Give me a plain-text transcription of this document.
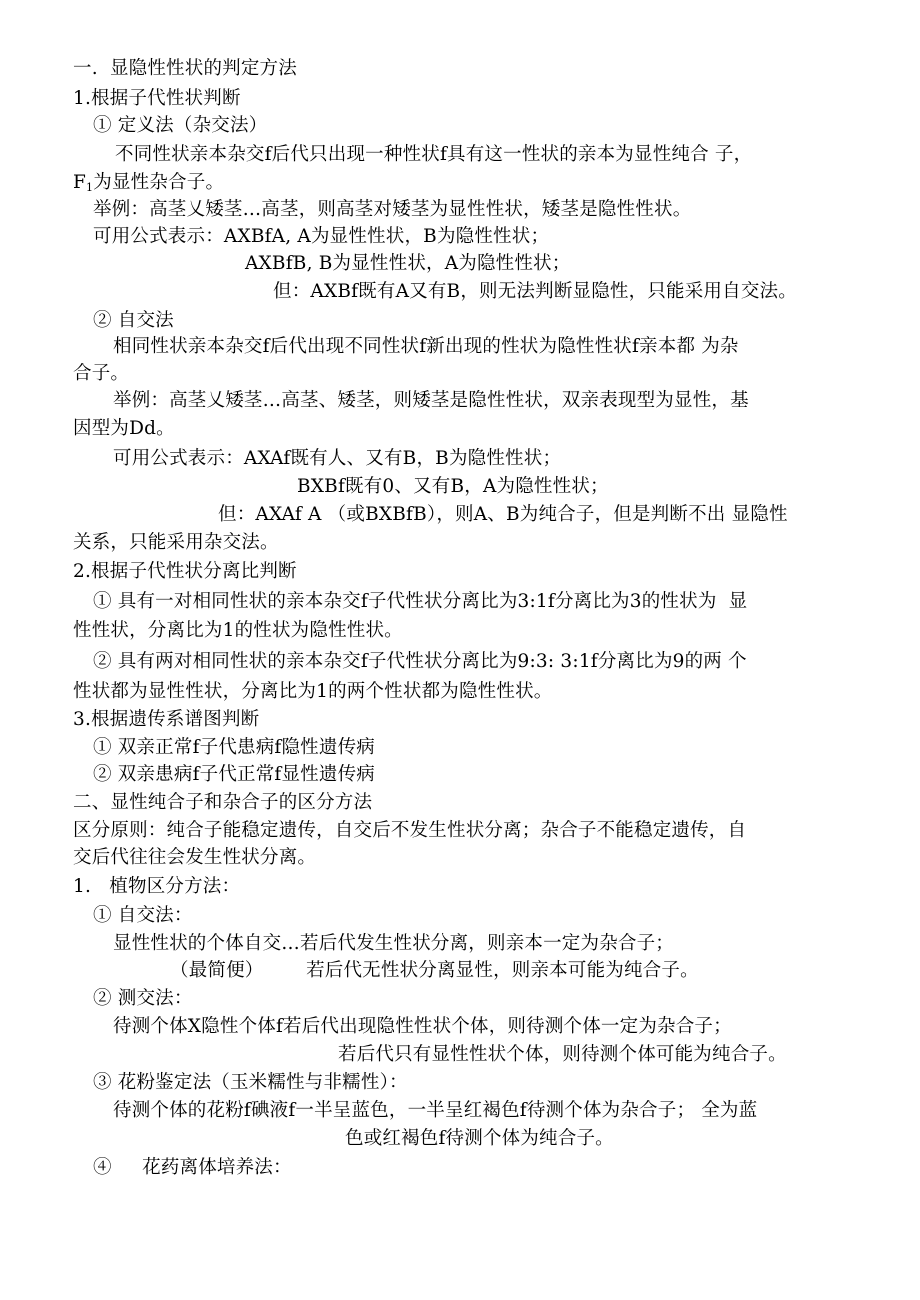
一.  显隐性性状的判定方法
1.根据子代性状判断
① 定义法（杂交法）
不同性状亲本杂交f后代只出现一种性状f具有这一性状的亲本为显性纯合 子，
$F_1$为显性杂合子。
举例：高茎乂矮茎…高茎，则高茎对矮茎为显性性状，矮茎是隐性性状。
可用公式表示：AXBfA, A为显性性状，B为隐性性状；
AXBfB, B为显性性状，A为隐性性状；
但：AXBf既有A又有B，则无法判断显隐性，只能采用自交法。
② 自交法
相同性状亲本杂交f后代出现不同性状f新出现的性状为隐性性状f亲本都 为杂
合子。
举例：高茎乂矮茎…高茎、矮茎，则矮茎是隐性性状，双亲表现型为显性，基
因型为Dd。
可用公式表示：AXAf既有人、又有B，B为隐性性状；
BXBf既有0、又有B，A为隐性性状；
但：AXAf A （或BXBfB），则A、B为纯合子，但是判断不出 显隐性
关系，只能采用杂交法。
2.根据子代性状分离比判断
① 具有一对相同性状的亲本杂交f子代性状分离比为3:1f分离比为3的性状为  显
性性状，分离比为1的性状为隐性性状。
② 具有两对相同性状的亲本杂交f子代性状分离比为9:3: 3:1f分离比为9的两 个
性状都为显性性状，分离比为1的两个性状都为隐性性状。
3.根据遗传系谱图判断
① 双亲正常f子代患病f隐性遗传病
② 双亲患病f子代正常f显性遗传病
二、显性纯合子和杂合子的区分方法
区分原则：纯合子能稳定遗传，自交后不发生性状分离；杂合子不能稳定遗传，自
交后代往往会发生性状分离。
1.   植物区分方法：
① 自交法：
显性性状的个体自交…若后代发生性状分离，则亲本一定为杂合子；
（最简便）       若后代无性状分离显性，则亲本可能为纯合子。
② 测交法：
待测个体X隐性个体f若后代出现隐性性状个体，则待测个体一定为杂合子；
若后代只有显性性状个体，则待测个体可能为纯合子。
③ 花粉鉴定法（玉米糯性与非糯性）：
待测个体的花粉f碘液f一半呈蓝色，一半呈红褐色f待测个体为杂合子； 全为蓝
色或红褐色f待测个体为纯合子。
④     花药离体培养法：
